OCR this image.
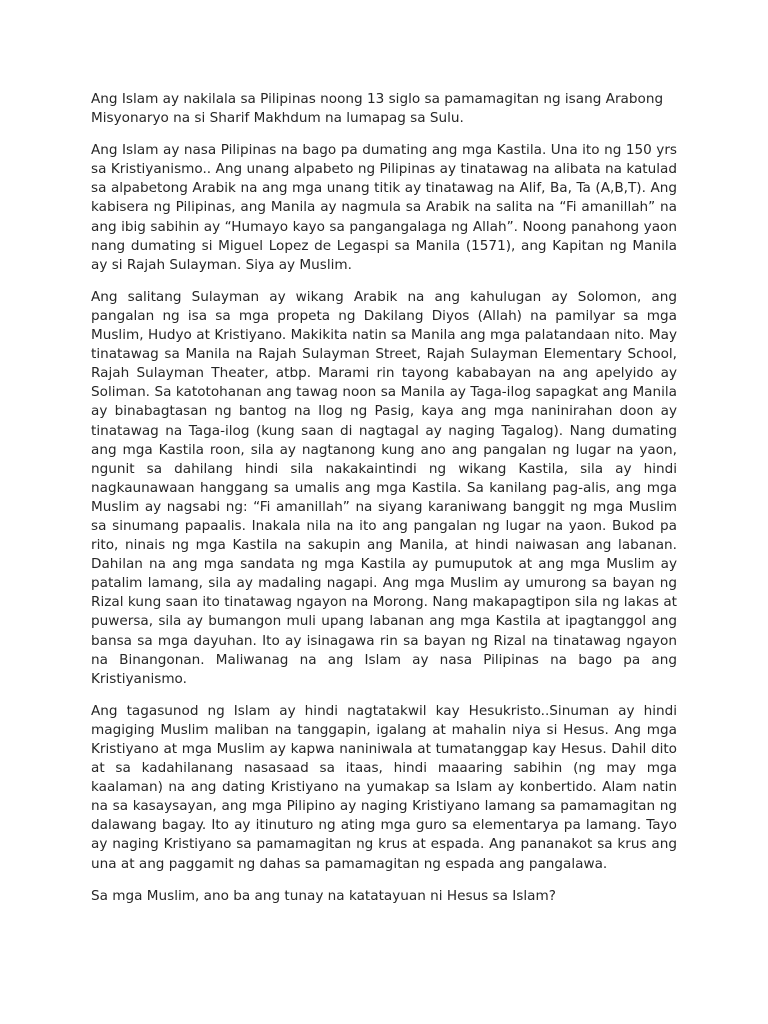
Ang Islam ay nakilala sa Pilipinas noong 13 siglo sa pamamagitan ng isang Arabong Misyonaryo na si Sharif Makhdum na lumapag sa Sulu.

Ang Islam ay nasa Pilipinas na bago pa dumating ang mga Kastila. Una ito ng 150 yrs sa Kristiyanismo.. Ang unang alpabeto ng Pilipinas ay tinatawag na alibata na katulad sa alpabetong Arabik na ang mga unang titik ay tinatawag na Alif, Ba, Ta (A,B,T). Ang kabisera ng Pilipinas, ang Manila ay nagmula sa Arabik na salita na “Fi amanillah” na ang ibig sabihin ay “Humayo kayo sa pangangalaga ng Allah”. Noong panahong yaon nang dumating si Miguel Lopez de Legaspi sa Manila (1571), ang Kapitan ng Manila ay si Rajah Sulayman. Siya ay Muslim.

Ang salitang Sulayman ay wikang Arabik na ang kahulugan ay Solomon, ang pangalan ng isa sa mga propeta ng Dakilang Diyos (Allah) na pamilyar sa mga Muslim, Hudyo at Kristiyano. Makikita natin sa Manila ang mga palatandaan nito. May tinatawag sa Manila na Rajah Sulayman Street, Rajah Sulayman Elementary School, Rajah Sulayman Theater, atbp. Marami rin tayong kababayan na ang apelyido ay Soliman. Sa katotohanan ang tawag noon sa Manila ay Taga-ilog sapagkat ang Manila ay binabagtasan ng bantog na Ilog ng Pasig, kaya ang mga naninirahan doon ay tinatawag na Taga-ilog (kung saan di nagtagal ay naging Tagalog). Nang dumating ang mga Kastila roon, sila ay nagtanong kung ano ang pangalan ng lugar na yaon, ngunit sa dahilang hindi sila nakakaintindi ng wikang Kastila, sila ay hindi nagkaunawaan hanggang sa umalis ang mga Kastila. Sa kanilang pag-alis, ang mga Muslim ay nagsabi ng: “Fi amanillah” na siyang karaniwang banggit ng mga Muslim sa sinumang papaalis. Inakala nila na ito ang pangalan ng lugar na yaon. Bukod pa rito, ninais ng mga Kastila na sakupin ang Manila, at hindi naiwasan ang labanan. Dahilan na ang mga sandata ng mga Kastila ay pumuputok at ang mga Muslim ay patalim lamang, sila ay madaling nagapi. Ang mga Muslim ay umurong sa bayan ng Rizal kung saan ito tinatawag ngayon na Morong. Nang makapagtipon sila ng lakas at puwersa, sila ay bumangon muli upang labanan ang mga Kastila at ipagtanggol ang bansa sa mga dayuhan. Ito ay isinagawa rin sa bayan ng Rizal na tinatawag ngayon na Binangonan. Maliwanag na ang Islam ay nasa Pilipinas na bago pa ang Kristiyanismo.

Ang tagasunod ng Islam ay hindi nagtatakwil kay Hesukristo..Sinuman ay hindi magiging Muslim maliban na tanggapin, igalang at mahalin niya si Hesus. Ang mga Kristiyano at mga Muslim ay kapwa naniniwala at tumatanggap kay Hesus. Dahil dito at sa kadahilanang nasasaad sa itaas, hindi maaaring sabihin (ng may mga kaalaman) na ang dating Kristiyano na yumakap sa Islam ay konbertido. Alam natin na sa kasaysayan, ang mga Pilipino ay naging Kristiyano lamang sa pamamagitan ng dalawang bagay. Ito ay itinuturo ng ating mga guro sa elementarya pa lamang. Tayo ay naging Kristiyano sa pamamagitan ng krus at espada. Ang pananakot sa krus ang una at ang paggamit ng dahas sa pamamagitan ng espada ang pangalawa.

Sa mga Muslim, ano ba ang tunay na katatayuan ni Hesus sa Islam?
